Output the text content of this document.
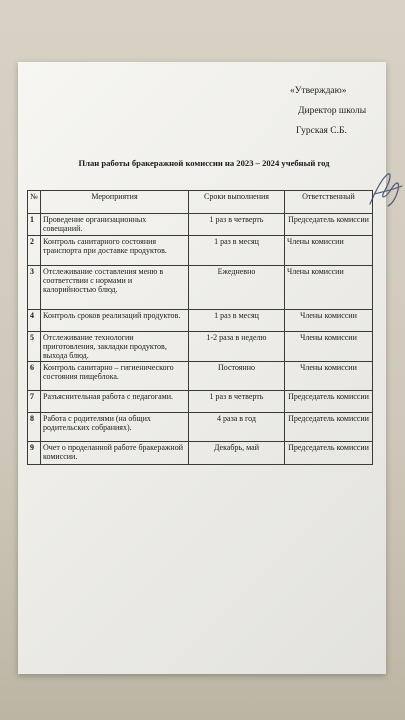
«Утверждаю»
Директор школы
Гурская С.Б.
План работы бракеражной комиссии на 2023 – 2024 учебный год
№	Мероприятия	Сроки выполнения	Ответственный
1	Проведение организационных совещаний.	1 раз в четверть	Председатель комиссии
2	Контроль санитарного состояния транспорта при доставке продуктов.	1 раз в месяц	Члены комиссии
3	Отслеживание составления меню в соответствии с нормами и калорийностью блюд.	Ежедневно	Члены комиссии
4	Контроль сроков реализаций продуктов.	1 раз в месяц	Члены комиссии
5	Отслеживание технологии приготовления, закладки продуктов, выхода блюд.	1-2 раза в неделю	Члены комиссии
6	Контроль санитарно – гигиенического состояния пищеблока.	Постоянно	Члены комиссии
7	Разъяснительная работа с педагогами.	1 раз в четверть	Председатель комиссии
8	Работа с родителями (на общих родительских собраниях).	4 раза в год	Председатель комиссии
9	Очет о проделанной работе бракеражной комиссии.	Декабрь, май	Председатель комиссии
